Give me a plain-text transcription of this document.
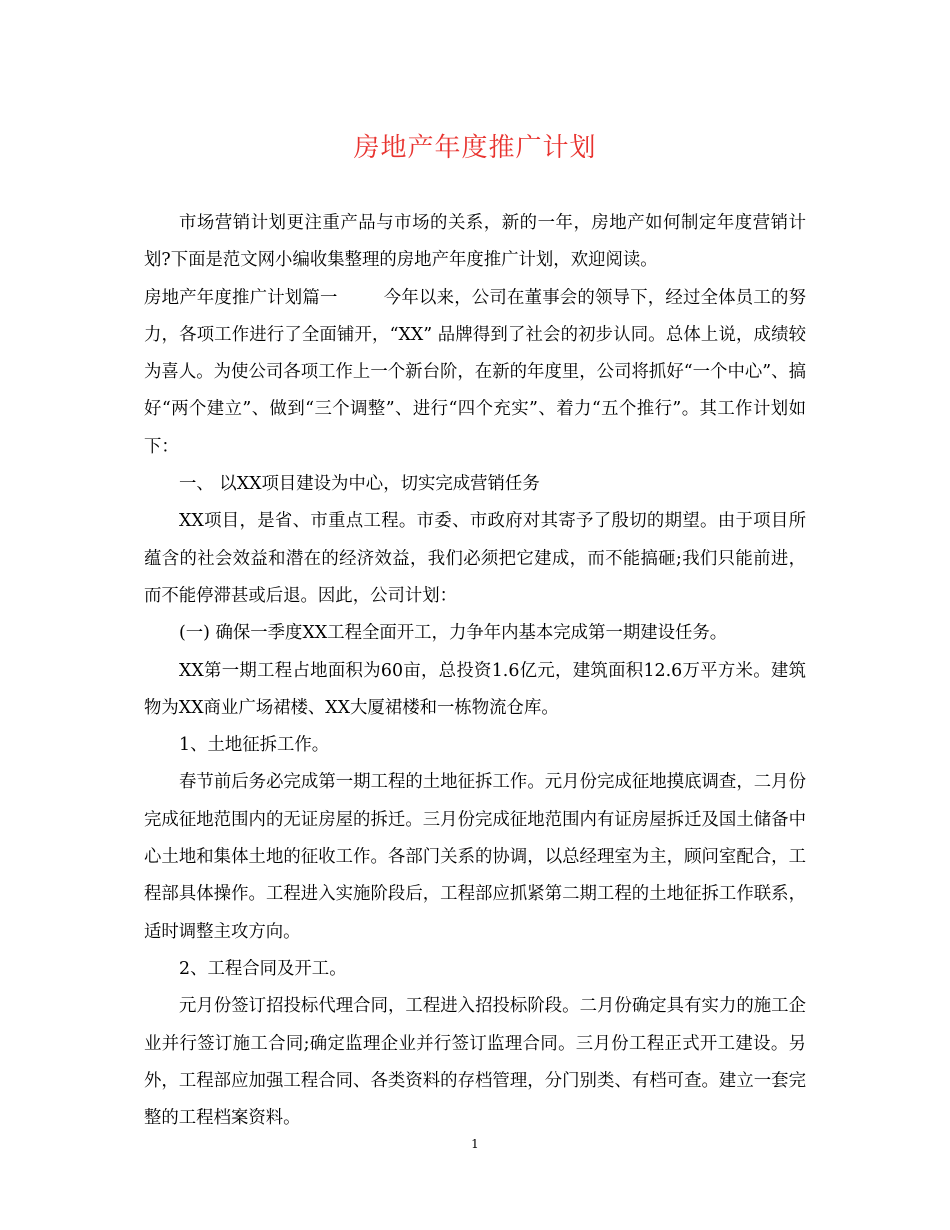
房地产年度推广计划

市场营销计划更注重产品与市场的关系，新的一年，房地产如何制定年度营销计划?下面是范文网小编收集整理的房地产年度推广计划，欢迎阅读。

房地产年度推广计划篇一	今年以来，公司在董事会的领导下，经过全体员工的努力，各项工作进行了全面铺开，“XX” 品牌得到了社会的初步认同。总体上说，成绩较为喜人。为使公司各项工作上一个新台阶，在新的年度里，公司将抓好“一个中心”、搞好“两个建立”、做到“三个调整”、进行“四个充实”、着力“五个推行”。其工作计划如下：

一、 以XX项目建设为中心，切实完成营销任务

XX项目，是省、市重点工程。市委、市政府对其寄予了殷切的期望。由于项目所蕴含的社会效益和潜在的经济效益，我们必须把它建成，而不能搞砸;我们只能前进，而不能停滞甚或后退。因此，公司计划：

(一) 确保一季度XX工程全面开工，力争年内基本完成第一期建设任务。

XX第一期工程占地面积为60亩，总投资1.6亿元，建筑面积12.6万平方米。建筑物为XX商业广场裙楼、XX大厦裙楼和一栋物流仓库。

1、土地征拆工作。

春节前后务必完成第一期工程的土地征拆工作。元月份完成征地摸底调查，二月份完成征地范围内的无证房屋的拆迁。三月份完成征地范围内有证房屋拆迁及国土储备中心土地和集体土地的征收工作。各部门关系的协调，以总经理室为主，顾问室配合，工程部具体操作。工程进入实施阶段后，工程部应抓紧第二期工程的土地征拆工作联系，适时调整主攻方向。

2、工程合同及开工。

元月份签订招投标代理合同，工程进入招投标阶段。二月份确定具有实力的施工企业并行签订施工合同;确定监理企业并行签订监理合同。三月份工程正式开工建设。另外，工程部应加强工程合同、各类资料的存档管理，分门别类、有档可查。建立一套完整的工程档案资料。

1
